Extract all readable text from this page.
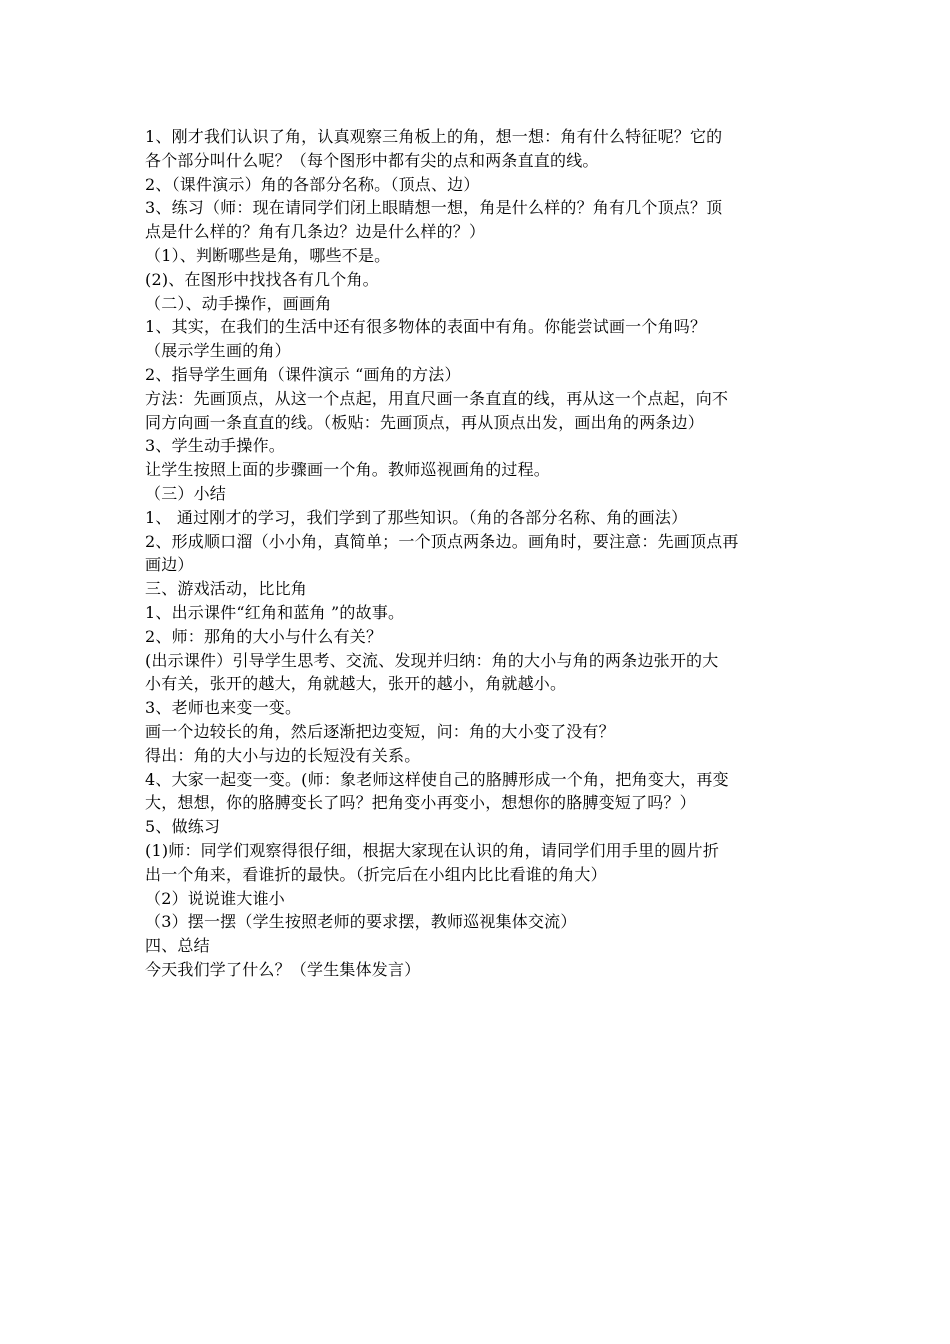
1、刚才我们认识了角，认真观察三角板上的角，想一想：角有什么特征呢？它的
各个部分叫什么呢？（每个图形中都有尖的点和两条直直的线。
2、（课件演示）角的各部分名称。（顶点、边）
3、练习（师：现在请同学们闭上眼睛想一想，角是什么样的？角有几个顶点？顶
点是什么样的？角有几条边？边是什么样的？）
（1）、判断哪些是角，哪些不是。
(2)、在图形中找找各有几个角。
（二）、动手操作，画画角
1、其实，在我们的生活中还有很多物体的表面中有角。你能尝试画一个角吗？
（展示学生画的角）
2、指导学生画角（课件演示 “画角的方法）
方法：先画顶点，从这一个点起，用直尺画一条直直的线，再从这一个点起，向不
同方向画一条直直的线。（板贴：先画顶点，再从顶点出发，画出角的两条边）
3、学生动手操作。
让学生按照上面的步骤画一个角。教师巡视画角的过程。
（三）小结
1、 通过刚才的学习，我们学到了那些知识。（角的各部分名称、角的画法）
2、形成顺口溜（小小角，真简单；一个顶点两条边。画角时，要注意：先画顶点再
画边）
三、游戏活动，比比角
1、出示课件“红角和蓝角 ”的故事。
2、师：那角的大小与什么有关？
(出示课件）引导学生思考、交流、发现并归纳：角的大小与角的两条边张开的大
小有关，张开的越大，角就越大，张开的越小，角就越小。
3、老师也来变一变。
画一个边较长的角，然后逐渐把边变短，问：角的大小变了没有？
得出：角的大小与边的长短没有关系。
4、大家一起变一变。(师：象老师这样使自己的胳膊形成一个角，把角变大，再变
大，想想，你的胳膊变长了吗？把角变小再变小，想想你的胳膊变短了吗？）
5、做练习
(1)师：同学们观察得很仔细，根据大家现在认识的角，请同学们用手里的圆片折
出一个角来，看谁折的最快。（折完后在小组内比比看谁的角大）
（2）说说谁大谁小
（3）摆一摆（学生按照老师的要求摆，教师巡视集体交流）
四、总结
今天我们学了什么？（学生集体发言）
